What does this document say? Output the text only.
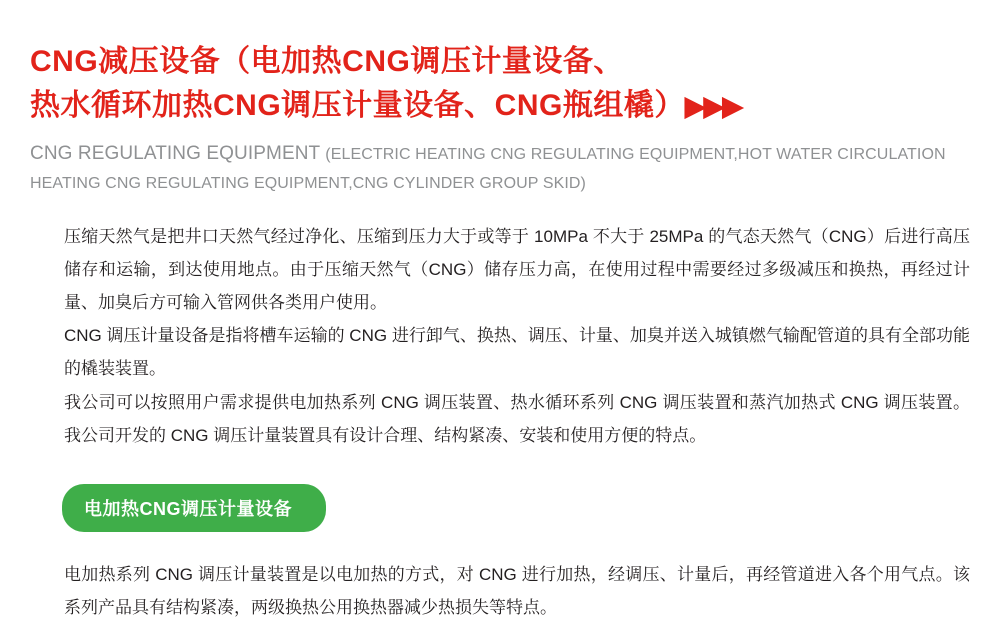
CNG减压设备（电加热CNG调压计量设备、
热水循环加热CNG调压计量设备、CNG瓶组橇）▶▶▶
CNG REGULATING EQUIPMENT (ELECTRIC HEATING CNG REGULATING EQUIPMENT,HOT WATER CIRCULATION HEATING CNG REGULATING EQUIPMENT,CNG CYLINDER GROUP SKID)

压缩天然气是把井口天然气经过净化、压缩到压力大于或等于 10MPa 不大于 25MPa 的气态天然气（CNG）后进行高压储存和运输，到达使用地点。由于压缩天然气（CNG）储存压力高，在使用过程中需要经过多级减压和换热，再经过计量、加臭后方可输入管网供各类用户使用。

CNG 调压计量设备是指将槽车运输的 CNG 进行卸气、换热、调压、计量、加臭并送入城镇燃气输配管道的具有全部功能的橇装装置。

我公司可以按照用户需求提供电加热系列 CNG 调压装置、热水循环系列 CNG 调压装置和蒸汽加热式 CNG 调压装置。我公司开发的 CNG 调压计量装置具有设计合理、结构紧凑、安装和使用方便的特点。

电加热CNG调压计量设备

电加热系列 CNG 调压计量装置是以电加热的方式，对 CNG 进行加热，经调压、计量后，再经管道进入各个用气点。该系列产品具有结构紧凑，两级换热公用换热器减少热损失等特点。
